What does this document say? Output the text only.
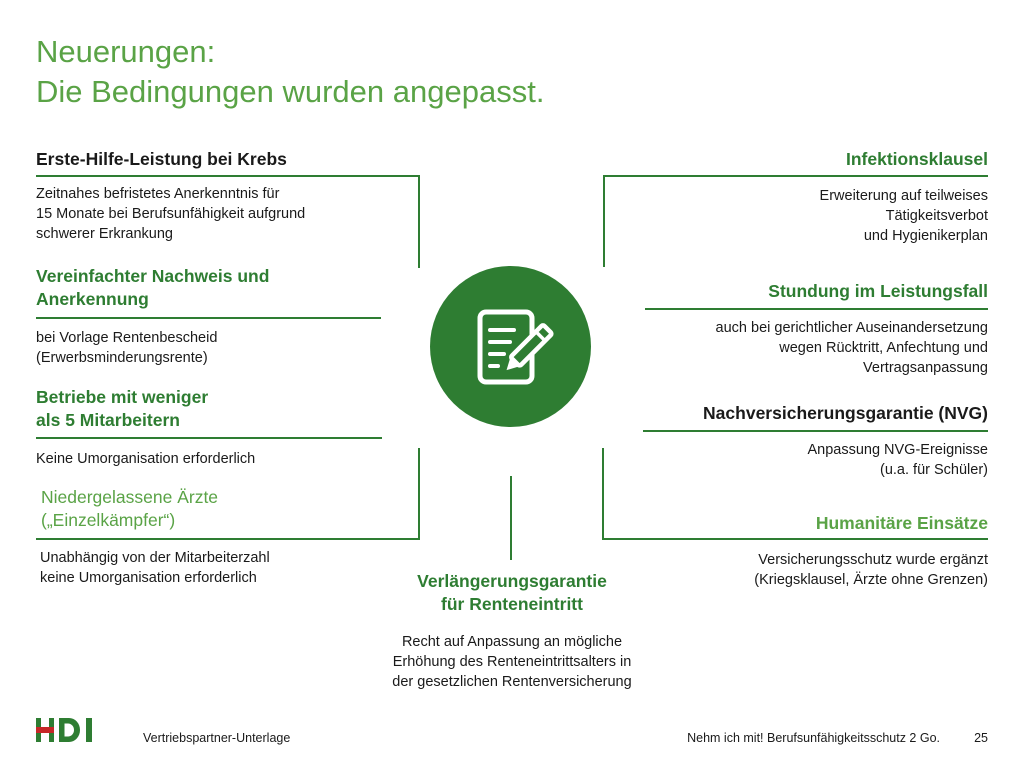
Neuerungen:
Die Bedingungen wurden angepasst.
Erste-Hilfe-Leistung bei Krebs
Zeitnahes befristetes Anerkenntnis für
15 Monate bei Berufsunfähigkeit aufgrund
schwerer Erkrankung
Vereinfachter Nachweis und
Anerkennung
bei Vorlage Rentenbescheid
(Erwerbsminderungsrente)
Betriebe mit weniger
als 5 Mitarbeitern
Keine Umorganisation erforderlich
Niedergelassene Ärzte
(„Einzelkämpfer“)
Unabhängig von der Mitarbeiterzahl
keine Umorganisation erforderlich
Infektionsklausel
Erweiterung auf teilweises
Tätigkeitsverbot
und Hygienikerplan
Stundung im Leistungsfall
auch bei gerichtlicher Auseinandersetzung
wegen Rücktritt, Anfechtung und
Vertragsanpassung
Nachversicherungsgarantie (NVG)
Anpassung NVG-Ereignisse
(u.a. für Schüler)
Humanitäre Einsätze
Versicherungsschutz wurde ergänzt
(Kriegsklausel, Ärzte ohne Grenzen)
Verlängerungsgarantie
für Renteneintritt
Recht auf Anpassung an mögliche
Erhöhung des Renteneintrittsalters in
der gesetzlichen Rentenversicherung
Vertriebspartner-Unterlage	Nehm ich mit! Berufsunfähigkeitsschutz 2 Go.	25
